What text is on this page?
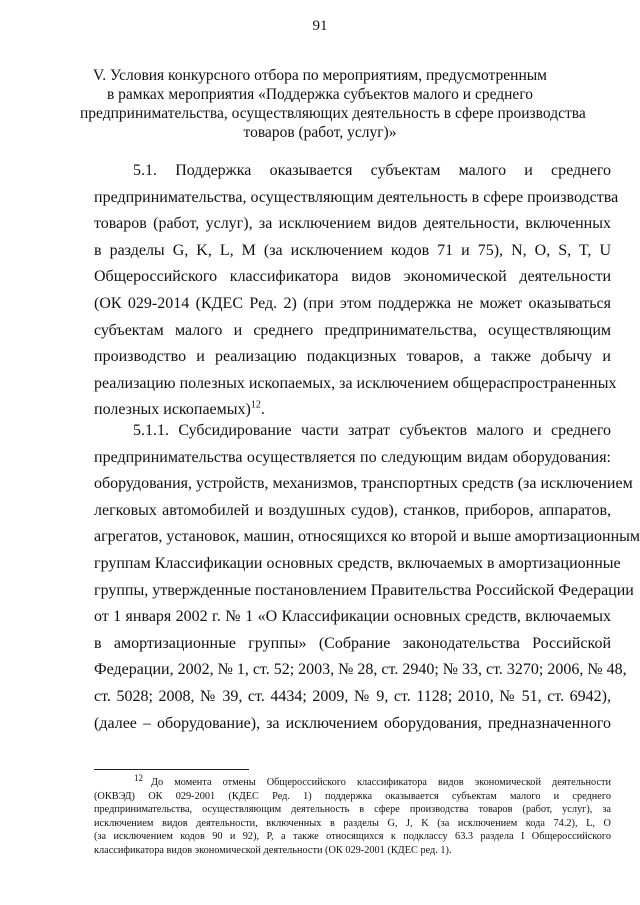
91
V. Условия конкурсного отбора по мероприятиям, предусмотренным
в рамках мероприятия «Поддержка субъектов малого и среднего
предпринимательства, осуществляющих деятельность в сфере производства
товаров (работ, услуг)»
5.1. Поддержка оказывается субъектам малого и среднего
предпринимательства, осуществляющим деятельность в сфере производства
товаров (работ, услуг), за исключением видов деятельности, включенных
в разделы G, K, L, M (за исключением кодов 71 и 75), N, O, S, T, U
Общероссийского классификатора видов экономической деятельности
(ОК 029-2014 (КДЕС Ред. 2) (при этом поддержка не может оказываться
субъектам малого и среднего предпринимательства, осуществляющим
производство и реализацию подакцизных товаров, а также добычу и
реализацию полезных ископаемых, за исключением общераспространенных
полезных ископаемых)$^{12}$.
5.1.1. Субсидирование части затрат субъектов малого и среднего
предпринимательства осуществляется по следующим видам оборудования:
оборудования, устройств, механизмов, транспортных средств (за исключением
легковых автомобилей и воздушных судов), станков, приборов, аппаратов,
агрегатов, установок, машин, относящихся ко второй и выше амортизационным
группам Классификации основных средств, включаемых в амортизационные
группы, утвержденные постановлением Правительства Российской Федерации
от 1 января 2002 г. № 1 «О Классификации основных средств, включаемых
в амортизационные группы» (Собрание законодательства Российской
Федерации, 2002, № 1, ст. 52; 2003, № 28, ст. 2940; № 33, ст. 3270; 2006, № 48,
ст. 5028; 2008, № 39, ст. 4434; 2009, № 9, ст. 1128; 2010, № 51, ст. 6942),
(далее – оборудование), за исключением оборудования, предназначенного
12 До момента отмены Общероссийского классификатора видов экономической деятельности
(ОКВЭД) ОК 029-2001 (КДЕС Ред. 1) поддержка оказывается субъектам малого и среднего
предпринимательства, осуществляющим деятельность в сфере производства товаров (работ, услуг), за
исключением видов деятельности, включенных в разделы G, J, K (за исключением кода 74.2), L, O
(за исключением кодов 90 и 92), P, а также относящихся к подклассу 63.3 раздела I Общероссийского
классификатора видов экономической деятельности (ОК 029-2001 (КДЕС ред. 1).
